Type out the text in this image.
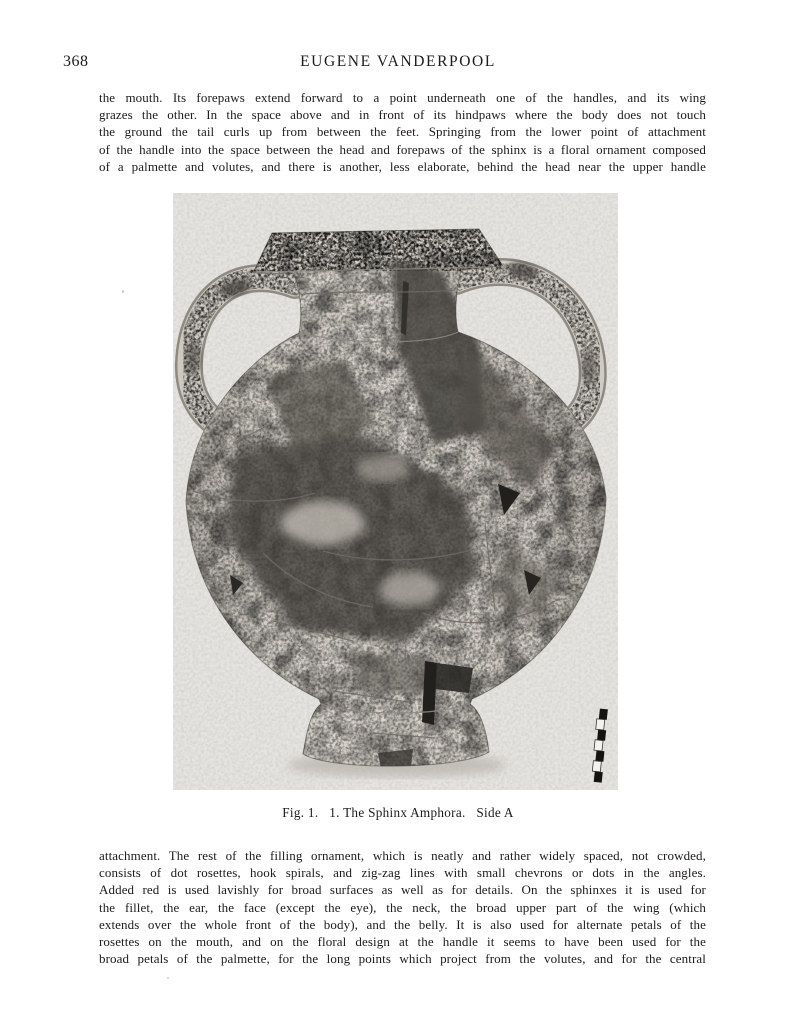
368	EUGENE VANDERPOOL
the mouth. Its forepaws extend forward to a point underneath one of the handles, and its wing
grazes the other. In the space above and in front of its hindpaws where the body does not touch
the ground the tail curls up from between the feet. Springing from the lower point of attachment
of the handle into the space between the head and forepaws of the sphinx is a floral ornament composed
of a palmette and volutes, and there is another, less elaborate, behind the head near the upper handle
Fig. 1.   1. The Sphinx Amphora.   Side A
attachment. The rest of the filling ornament, which is neatly and rather widely spaced, not crowded,
consists of dot rosettes, hook spirals, and zig-zag lines with small chevrons or dots in the angles.
Added red is used lavishly for broad surfaces as well as for details. On the sphinxes it is used for
the fillet, the ear, the face (except the eye), the neck, the broad upper part of the wing (which
extends over the whole front of the body), and the belly. It is also used for alternate petals of the
rosettes on the mouth, and on the floral design at the handle it seems to have been used for the
broad petals of the palmette, for the long points which project from the volutes, and for the central
